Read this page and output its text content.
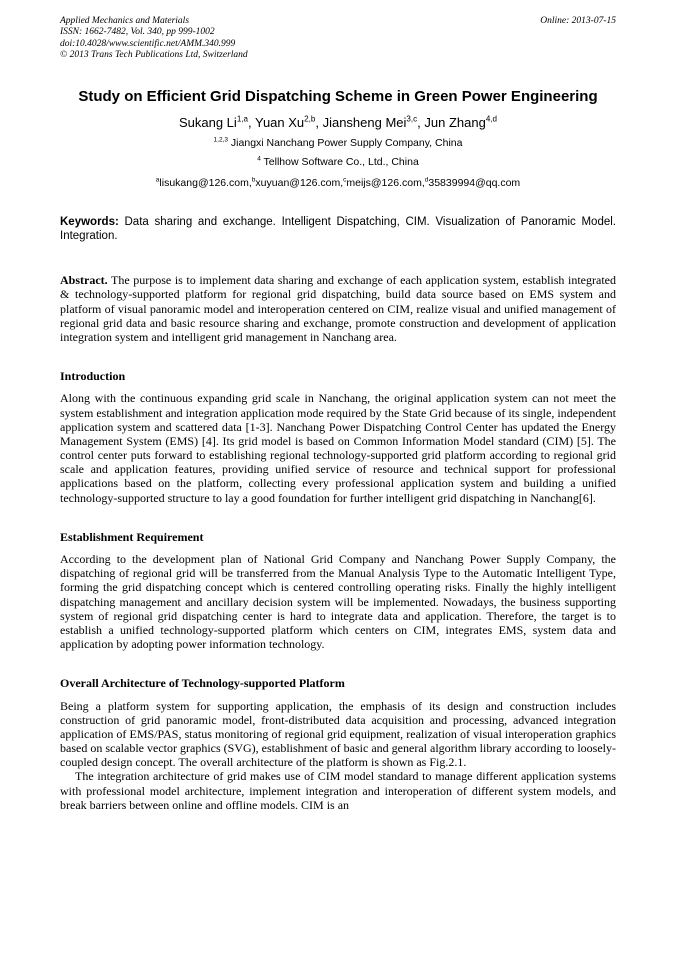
Applied Mechanics and Materials
ISSN: 1662-7482, Vol. 340, pp 999-1002
doi:10.4028/www.scientific.net/AMM.340.999
© 2013 Trans Tech Publications Ltd, Switzerland
Online: 2013-07-15
Study on Efficient Grid Dispatching Scheme in Green Power Engineering
Sukang Li$^{1,a}$, Yuan Xu$^{2,b}$, Jiansheng Mei$^{3,c}$, Jun Zhang$^{4,d}$
$^{1,2,3}$ Jiangxi Nanchang Power Supply Company, China
$^4$ Tellhow Software Co., Ltd., China
$^a$lisukang@126.com,$^b$xuyuan@126.com,$^c$meijs@126.com,$^d$35839994@qq.com

Keywords: Data sharing and exchange. Intelligent Dispatching, CIM. Visualization of Panoramic Model. Integration.

Abstract. The purpose is to implement data sharing and exchange of each application system, establish integrated & technology-supported platform for regional grid dispatching, build data source based on EMS system and platform of visual panoramic model and interoperation centered on CIM, realize visual and unified management of regional grid data and basic resource sharing and exchange, promote construction and development of application integration system and intelligent grid management in Nanchang area.

Introduction

Along with the continuous expanding grid scale in Nanchang, the original application system can not meet the system establishment and integration application mode required by the State Grid because of its single, independent application system and scattered data [1-3]. Nanchang Power Dispatching Control Center has updated the Energy Management System (EMS) [4]. Its grid model is based on Common Information Model standard (CIM) [5]. The control center puts forward to establishing regional technology-supported grid platform according to regional grid scale and application features, providing unified service of resource and technical support for professional applications based on the platform, collecting every professional application system and building a unified technology-supported structure to lay a good foundation for further intelligent grid dispatching in Nanchang[6].

Establishment Requirement

According to the development plan of National Grid Company and Nanchang Power Supply Company, the dispatching of regional grid will be transferred from the Manual Analysis Type to the Automatic Intelligent Type, forming the grid dispatching concept which is centered controlling operating risks. Finally the highly intelligent dispatching management and ancillary decision system will be implemented. Nowadays, the business supporting system of regional grid dispatching center is hard to integrate data and application. Therefore, the target is to establish a unified technology-supported platform which centers on CIM, integrates EMS, system data and application by adopting power information technology.

Overall Architecture of Technology-supported Platform

Being a platform system for supporting application, the emphasis of its design and construction includes construction of grid panoramic model, front-distributed data acquisition and processing, advanced integration application of EMS/PAS, status monitoring of regional grid equipment, realization of visual interoperation graphics based on scalable vector graphics (SVG), establishment of basic and general algorithm library according to loosely-coupled design concept. The overall architecture of the platform is shown as Fig.2.1.

The integration architecture of grid makes use of CIM model standard to manage different application systems with professional model architecture, implement integration and interoperation of different system models, and break barriers between online and offline models. CIM is an
